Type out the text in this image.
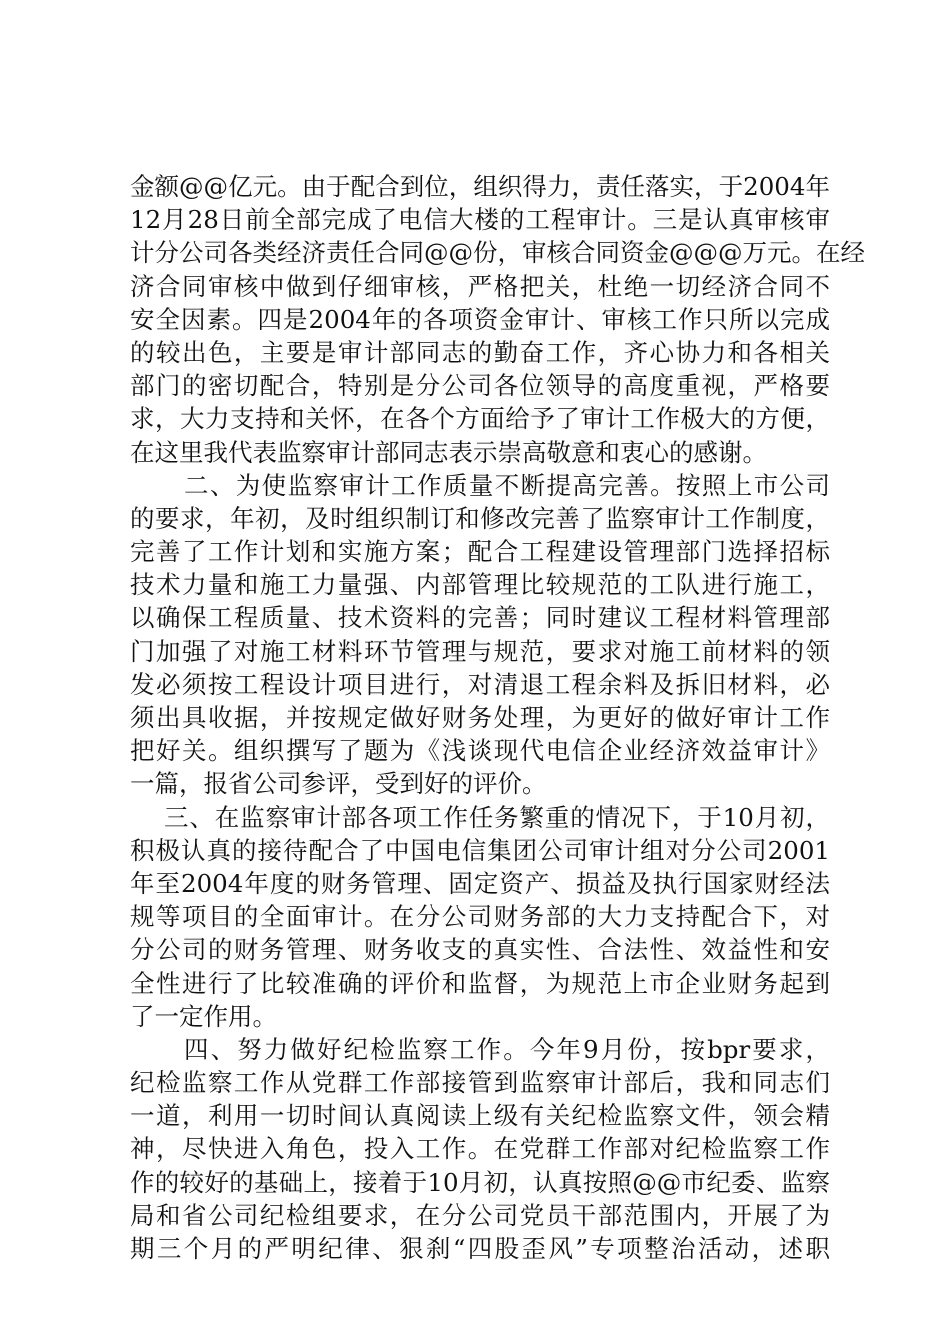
金额@@亿元。由于配合到位，组织得力，责任落实，于2004年
12月28日前全部完成了电信大楼的工程审计。三是认真审核审
计分公司各类经济责任合同@@份，审核合同资金@@@万元。在经
济合同审核中做到仔细审核，严格把关，杜绝一切经济合同不
安全因素。四是2004年的各项资金审计、审核工作只所以完成
的较出色，主要是审计部同志的勤奋工作，齐心协力和各相关
部门的密切配合，特别是分公司各位领导的高度重视，严格要
求，大力支持和关怀，在各个方面给予了审计工作极大的方便，
在这里我代表监察审计部同志表示崇高敬意和衷心的感谢。
二、为使监察审计工作质量不断提高完善。按照上市公司
的要求，年初，及时组织制订和修改完善了监察审计工作制度，
完善了工作计划和实施方案；配合工程建设管理部门选择招标
技术力量和施工力量强、内部管理比较规范的工队进行施工，
以确保工程质量、技术资料的完善；同时建议工程材料管理部
门加强了对施工材料环节管理与规范，要求对施工前材料的领
发必须按工程设计项目进行，对清退工程余料及拆旧材料，必
须出具收据，并按规定做好财务处理，为更好的做好审计工作
把好关。组织撰写了题为《浅谈现代电信企业经济效益审计》
一篇，报省公司参评，受到好的评价。
三、在监察审计部各项工作任务繁重的情况下，于10月初，
积极认真的接待配合了中国电信集团公司审计组对分公司2001
年至2004年度的财务管理、固定资产、损益及执行国家财经法
规等项目的全面审计。在分公司财务部的大力支持配合下，对
分公司的财务管理、财务收支的真实性、合法性、效益性和安
全性进行了比较准确的评价和监督，为规范上市企业财务起到
了一定作用。
四、努力做好纪检监察工作。今年9月份，按bpr要求，
纪检监察工作从党群工作部接管到监察审计部后，我和同志们
一道，利用一切时间认真阅读上级有关纪检监察文件，领会精
神，尽快进入角色，投入工作。在党群工作部对纪检监察工作
作的较好的基础上，接着于10月初，认真按照@@市纪委、监察
局和省公司纪检组要求，在分公司党员干部范围内，开展了为
期三个月的严明纪律、狠刹“四股歪风”专项整治活动，述职
